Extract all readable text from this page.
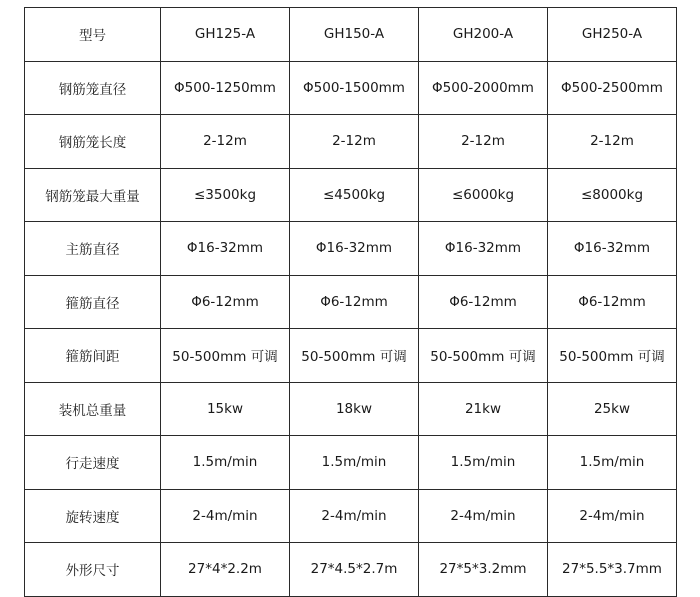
型号	GH125-A	GH150-A	GH200-A	GH250-A
钢筋笼直径	Φ500-1250mm	Φ500-1500mm	Φ500-2000mm	Φ500-2500mm
钢筋笼长度	2-12m	2-12m	2-12m	2-12m
钢筋笼最大重量	≤3500kg	≤4500kg	≤6000kg	≤8000kg
主筋直径	Φ16-32mm	Φ16-32mm	Φ16-32mm	Φ16-32mm
箍筋直径	Φ6-12mm	Φ6-12mm	Φ6-12mm	Φ6-12mm
箍筋间距	50-500mm 可调	50-500mm 可调	50-500mm 可调	50-500mm 可调
装机总重量	15kw	18kw	21kw	25kw
行走速度	1.5m/min	1.5m/min	1.5m/min	1.5m/min
旋转速度	2-4m/min	2-4m/min	2-4m/min	2-4m/min
外形尺寸	27*4*2.2m	27*4.5*2.7m	27*5*3.2mm	27*5.5*3.7mm
